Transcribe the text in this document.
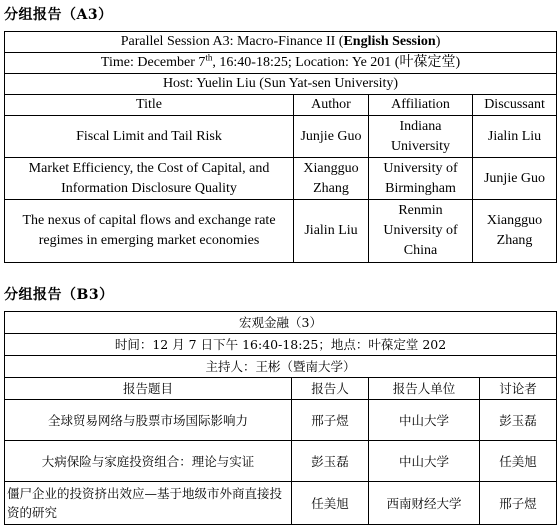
分组报告（A3）
Parallel Session A3: Macro-Finance II (English Session)			
Time: December 7th, 16:40-18:25; Location: Ye 201 (叶葆定堂)			
Host: Yuelin Liu (Sun Yat-sen University)			
Title	Author	Affiliation	Discussant
Fiscal Limit and Tail Risk	Junjie Guo	Indiana University	Jialin Liu
Market Efficiency, the Cost of Capital, and Information Disclosure Quality	Xiangguo Zhang	University of Birmingham	Junjie Guo
The nexus of capital flows and exchange rate regimes in emerging market economies	Jialin Liu	Renmin University of China	Xiangguo Zhang
分组报告（B3）
宏观金融（3）			
时间：12 月 7 日下午 16:40-18:25；地点：叶葆定堂 202			
主持人：王彬（暨南大学）			
报告题目	报告人	报告人单位	讨论者
全球贸易网络与股票市场国际影响力	邢子煜	中山大学	彭玉磊
大病保险与家庭投资组合：理论与实证	彭玉磊	中山大学	任美旭
僵尸企业的投资挤出效应—基于地级市外商直接投资的研究	任美旭	西南财经大学	邢子煜
